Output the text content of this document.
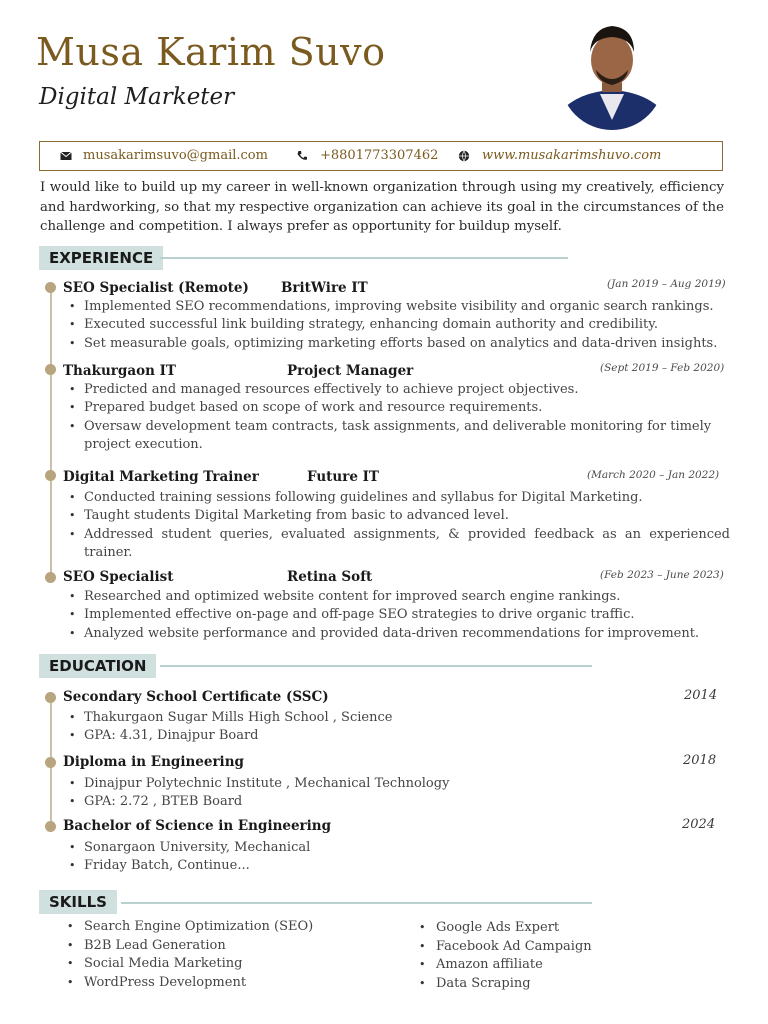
Musa Karim Suvo
Digital Marketer
musakarimsuvo@gmail.com	+8801773307462	www.musakarimshuvo.com
I would like to build up my career in well-known organization through using my creatively, efficiency and hardworking, so that my respective organization can achieve its goal in the circumstances of the challenge and competition. I always prefer as opportunity for buildup myself.
EXPERIENCE
SEO Specialist (Remote) BritWire IT	(Jan 2019 – Aug 2019)
• Implemented SEO recommendations, improving website visibility and organic search rankings.
• Executed successful link building strategy, enhancing domain authority and credibility.
• Set measurable goals, optimizing marketing efforts based on analytics and data-driven insights.
Thakurgaon IT	Project Manager	(Sept 2019 – Feb 2020)
• Predicted and managed resources effectively to achieve project objectives.
• Prepared budget based on scope of work and resource requirements.
• Oversaw development team contracts, task assignments, and deliverable monitoring for timely project execution.
Digital Marketing Trainer	Future IT	(March 2020 – Jan 2022)
• Conducted training sessions following guidelines and syllabus for Digital Marketing.
• Taught students Digital Marketing from basic to advanced level.
• Addressed student queries, evaluated assignments, & provided feedback as an experienced trainer.
SEO Specialist	Retina Soft	(Feb 2023 – June 2023)
• Researched and optimized website content for improved search engine rankings.
• Implemented effective on-page and off-page SEO strategies to drive organic traffic.
• Analyzed website performance and provided data-driven recommendations for improvement.
EDUCATION
Secondary School Certificate (SSC)	2014
• Thakurgaon Sugar Mills High School , Science
• GPA: 4.31, Dinajpur Board
Diploma in Engineering	2018
• Dinajpur Polytechnic Institute , Mechanical Technology
• GPA: 2.72 , BTEB Board
Bachelor of Science in Engineering	2024
• Sonargaon University, Mechanical
• Friday Batch, Continue...
SKILLS
• Search Engine Optimization (SEO)
• B2B Lead Generation
• Social Media Marketing
• WordPress Development
• Google Ads Expert
• Facebook Ad Campaign
• Amazon affiliate
• Data Scraping
